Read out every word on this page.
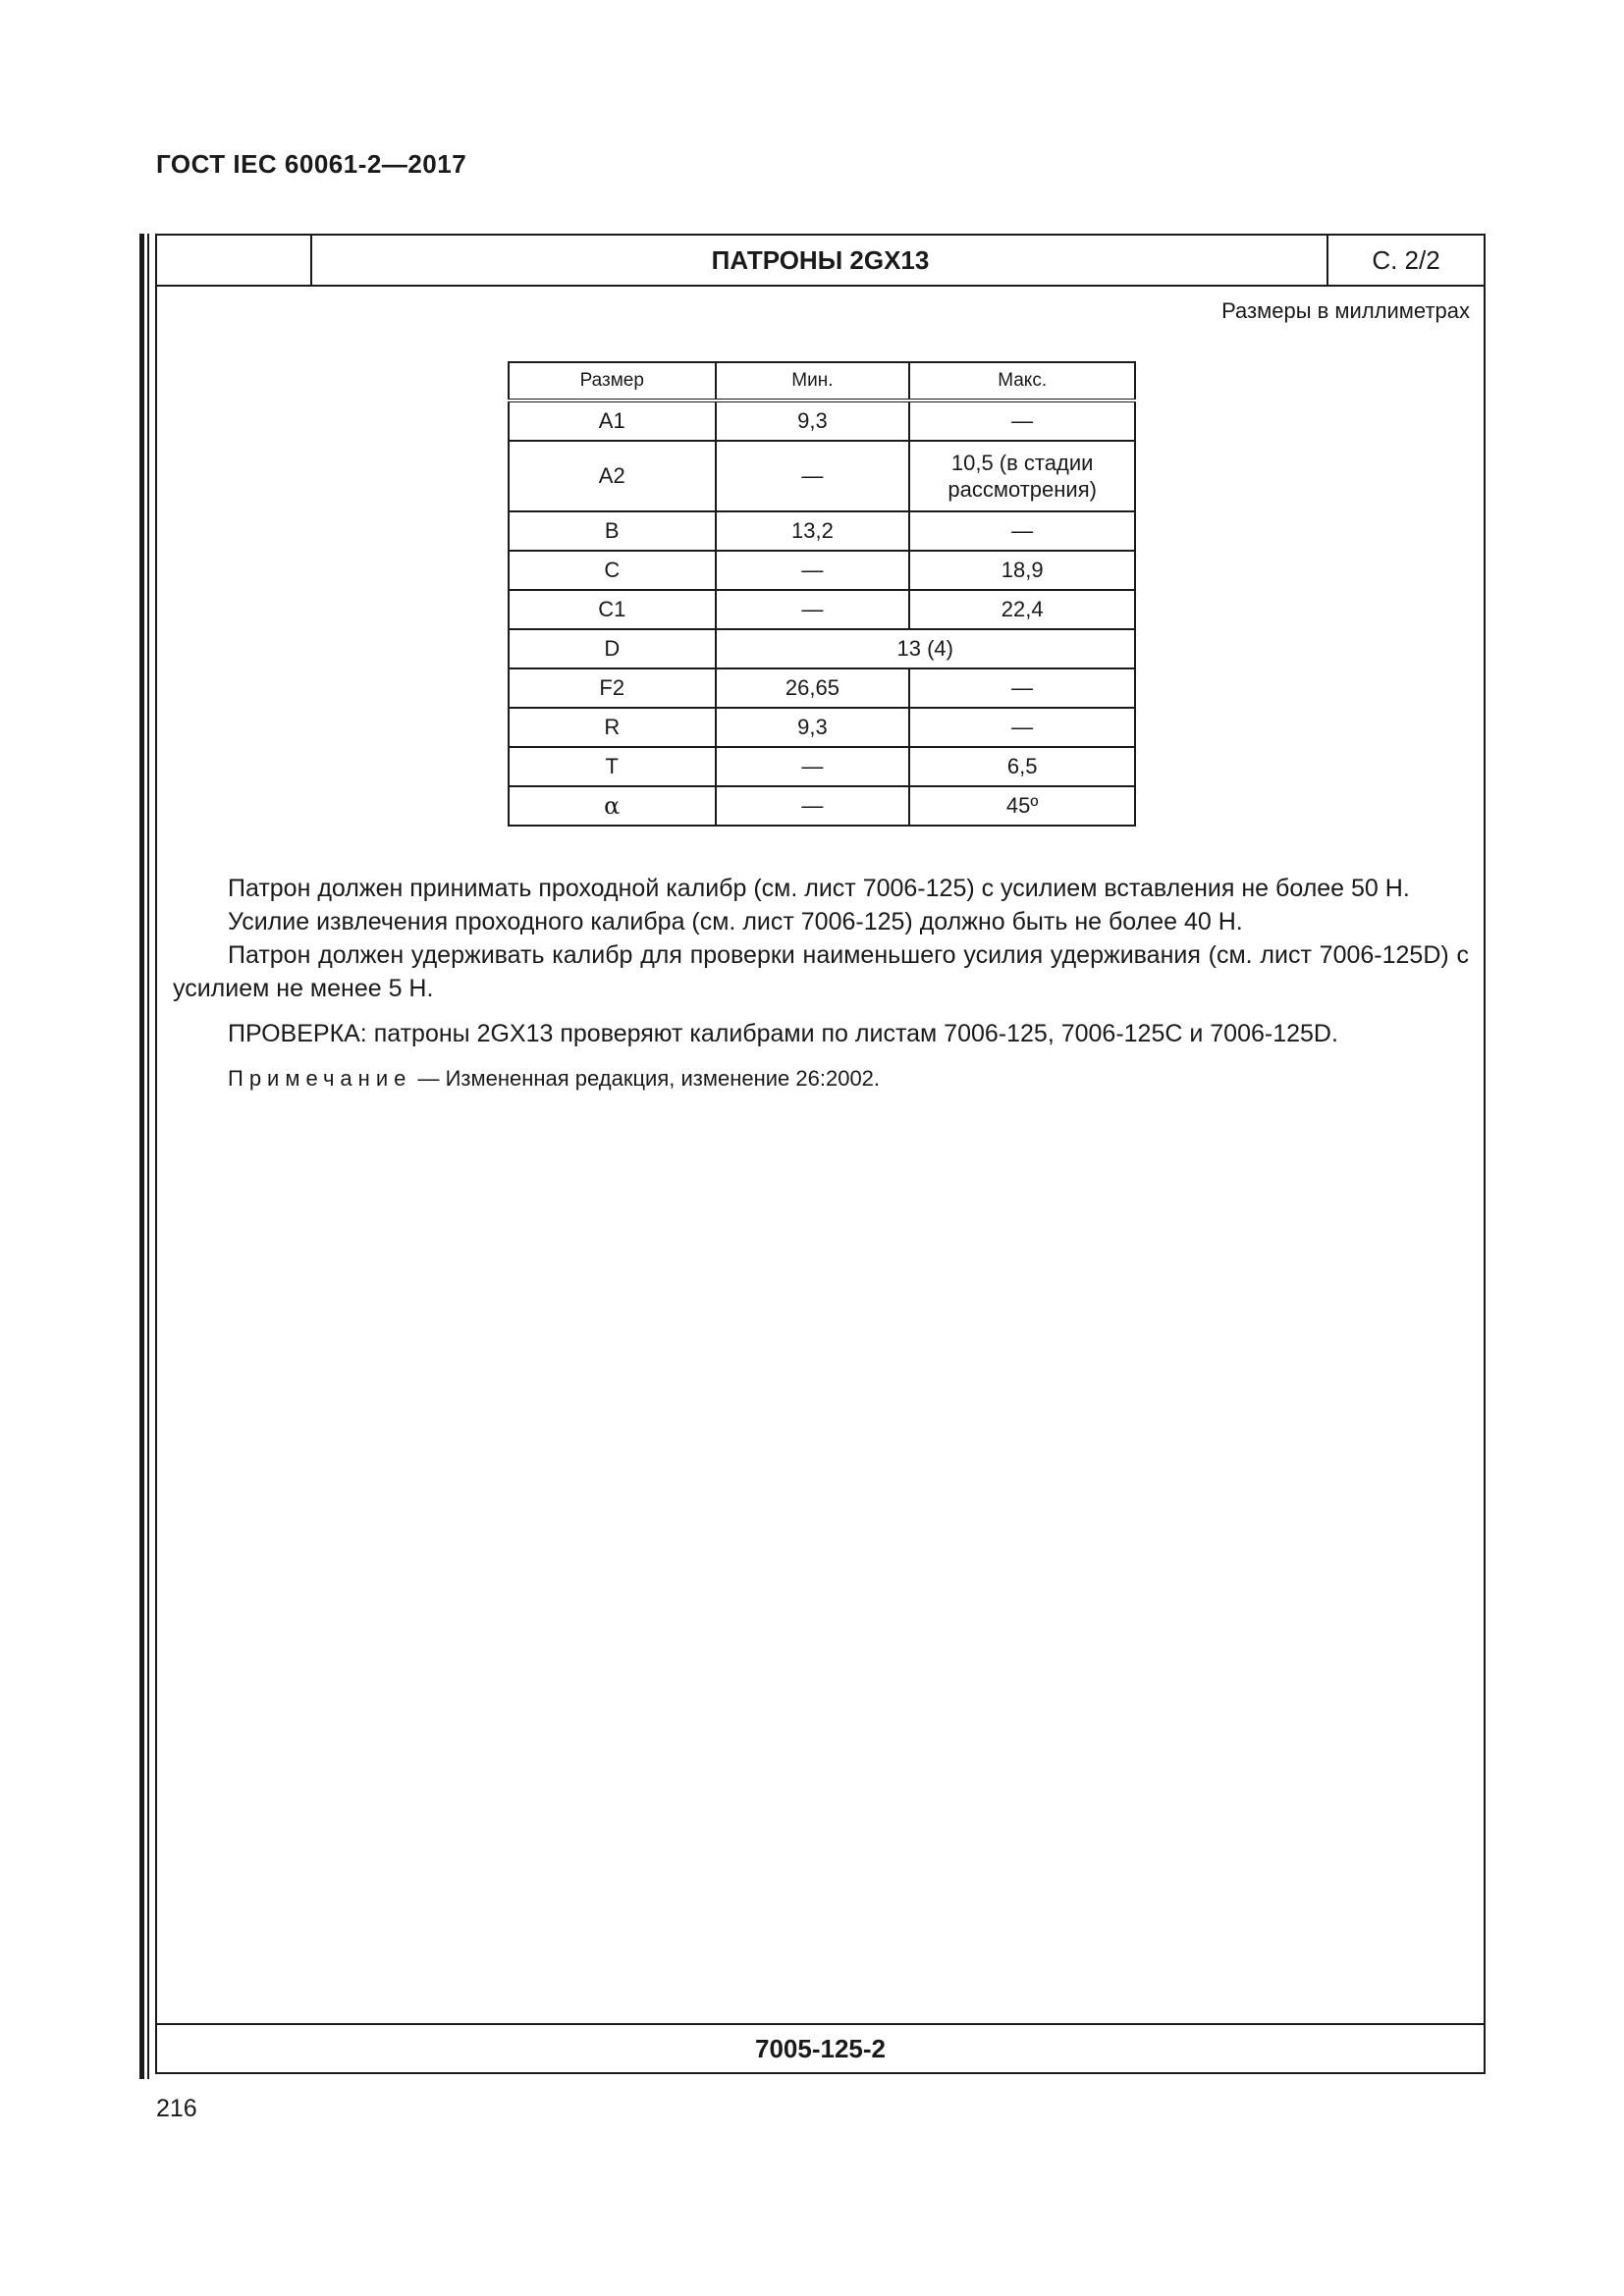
ГОСТ IEC 60061-2—2017
ПАТРОНЫ 2GX13	С. 2/2
Размеры в миллиметрах
Размер	Мин.	Макс.
A1	9,3	—
A2	—	10,5 (в стадии рассмотрения)
B	13,2	—
C	—	18,9
C1	—	22,4
D	13 (4)	
F2	26,65	—
R	9,3	—
T	—	6,5
α	—	45º

Патрон должен принимать проходной калибр (см. лист 7006-125) с усилием вставления не более 50 Н.

Усилие извлечения проходного калибра (см. лист 7006-125) должно быть не более 40 Н.

Патрон должен удерживать калибр для проверки наименьшего усилия удерживания (см. лист 7006-125D) с усилием не менее 5 Н.

ПРОВЕРКА: патроны 2GX13 проверяют калибрами по листам 7006-125, 7006-125C и 7006-125D.

Примечание — Измененная редакция, изменение 26:2002.

7005-125-2
216
